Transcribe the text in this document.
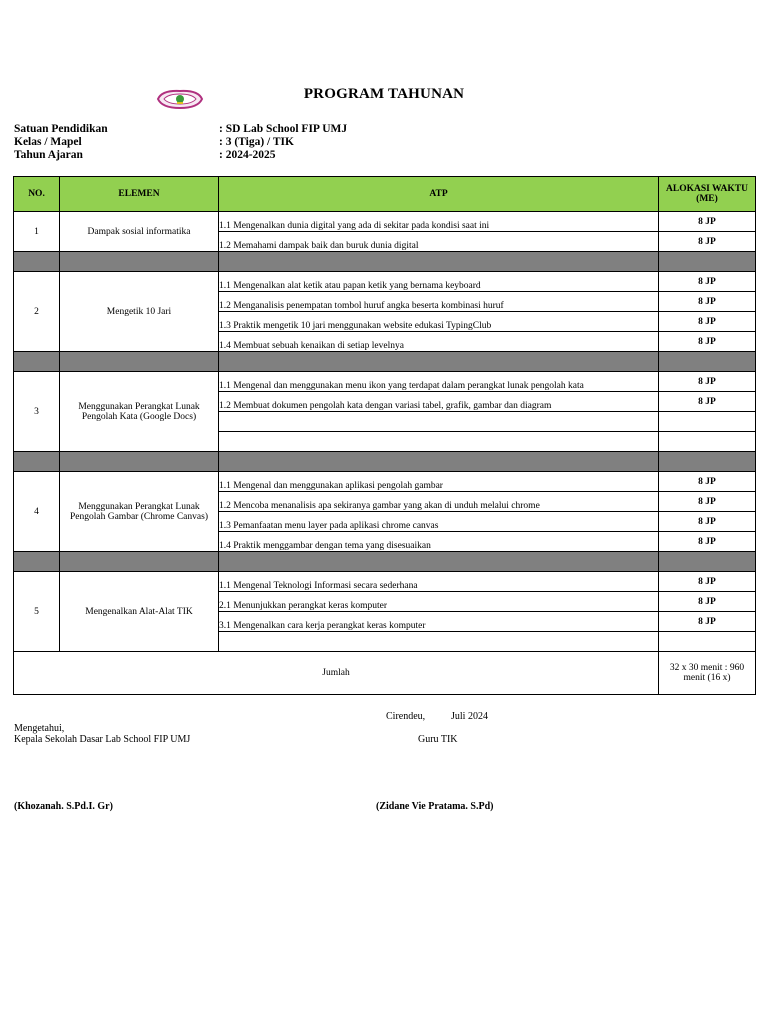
PROGRAM TAHUNAN
Satuan Pendidikan	: SD Lab School FIP UMJ
Kelas / Mapel	: 3 (Tiga) / TIK
Tahun Ajaran	: 2024-2025
NO.	ELEMEN	ATP	ALOKASI WAKTU (ME)
1	Dampak sosial informatika	1.1 Mengenalkan dunia digital yang ada di sekitar pada kondisi saat ini	8 JP
		1.2 Memahami dampak baik dan buruk dunia digital	8 JP

2	Mengetik 10 Jari	1.1 Mengenalkan alat ketik atau papan ketik yang bernama keyboard	8 JP
		1.2 Menganalisis penempatan tombol huruf angka beserta kombinasi huruf	8 JP
		1.3 Praktik mengetik 10 jari menggunakan website edukasi TypingClub	8 JP
		1.4 Membuat sebuah kenaikan di setiap levelnya	8 JP

3	Menggunakan Perangkat Lunak Pengolah Kata (Google Docs)	1.1 Mengenal dan menggunakan menu ikon yang terdapat dalam perangkat lunak pengolah kata	8 JP
		1.2 Membuat dokumen pengolah kata dengan variasi tabel, grafik, gambar dan diagram	8 JP

4	Menggunakan Perangkat Lunak Pengolah Gambar (Chrome Canvas)	1.1 Mengenal dan menggunakan aplikasi pengolah gambar	8 JP
		1.2 Mencoba menanalisis apa sekiranya gambar yang akan di unduh melalui chrome	8 JP
		1.3 Pemanfaatan menu layer pada aplikasi chrome canvas	8 JP
		1.4 Praktik menggambar dengan tema yang disesuaikan	8 JP

5	Mengenalkan Alat-Alat TIK	1.1 Mengenal Teknologi Informasi secara sederhana	8 JP
		2.1 Menunjukkan perangkat keras komputer	8 JP
		3.1 Mengenalkan cara kerja perangkat keras komputer	8 JP

Jumlah			32 x 30 menit : 960 menit (16 x)
Cirendeu,	Juli 2024
Mengetahui,
Kepala Sekolah Dasar Lab School FIP UMJ	Guru TIK
(Khozanah. S.Pd.I. Gr)	(Zidane Vie Pratama. S.Pd)
